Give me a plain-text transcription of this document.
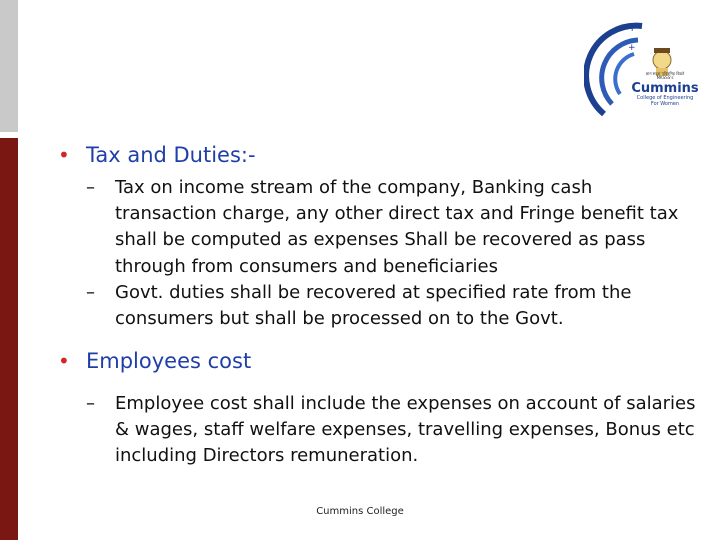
+
+
ज्ञान सदृशं पवित्रमिह विद्यते
MKSSS's
Cummins
College of Engineering
For Women
• Tax and Duties:-
– Tax on income stream of the company, Banking cash transaction charge, any other direct tax and Fringe benefit tax shall be computed as expenses Shall be recovered as pass through from consumers and beneficiaries
– Govt. duties shall be recovered at specified rate from the consumers but shall be processed on to the Govt.
• Employees cost
– Employee cost shall include the expenses on account of salaries & wages, staff welfare expenses, travelling expenses, Bonus etc including Directors remuneration.
Cummins College
